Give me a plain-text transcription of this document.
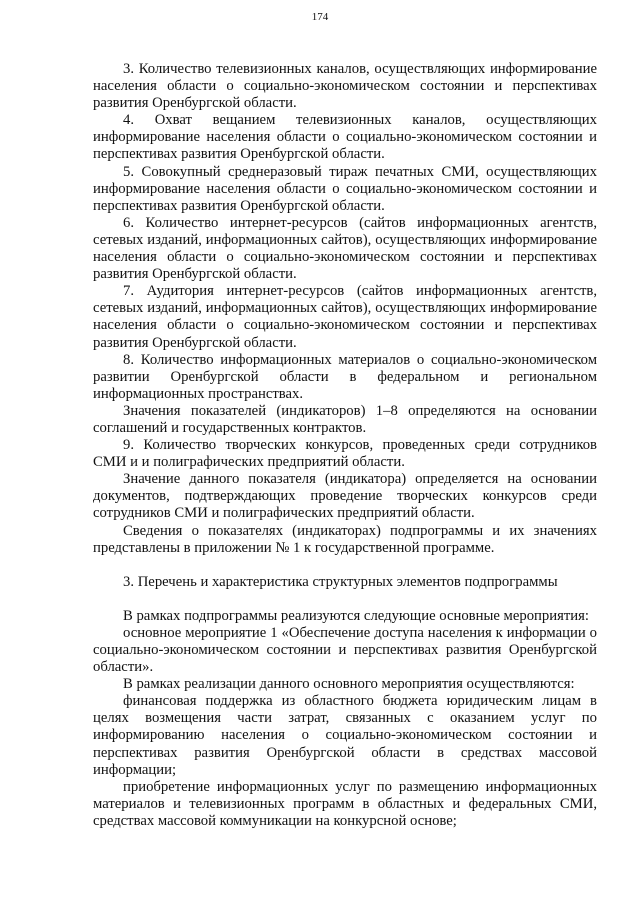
174

3. Количество телевизионных каналов, осуществляющих информирование населения области о социально-экономическом состоянии и перспективах развития Оренбургской области.

4. Охват вещанием телевизионных каналов, осуществляющих информирование населения области о социально-экономическом состоянии и перспективах развития Оренбургской области.

5. Совокупный среднеразовый тираж печатных СМИ, осуществляющих информирование населения области о социально-экономическом состоянии и перспективах развития Оренбургской области.

6. Количество интернет-ресурсов (сайтов информационных агентств, сетевых изданий, информационных сайтов), осуществляющих информирование населения области о социально-экономическом состоянии и перспективах развития Оренбургской области.

7. Аудитория интернет-ресурсов (сайтов информационных агентств, сетевых изданий, информационных сайтов), осуществляющих информирование населения области о социально-экономическом состоянии и перспективах развития Оренбургской области.

8. Количество информационных материалов о социально-экономическом развитии Оренбургской области в федеральном и региональном информационных пространствах.

Значения показателей (индикаторов) 1–8 определяются на основании соглашений и государственных контрактов.

9. Количество творческих конкурсов, проведенных среди сотрудников СМИ и и полиграфических предприятий области.

Значение данного показателя (индикатора) определяется на основании документов, подтверждающих проведение творческих конкурсов среди сотрудников СМИ и полиграфических предприятий области.

Сведения о показателях (индикаторах) подпрограммы и их значениях представлены в приложении № 1 к государственной программе.

3. Перечень и характеристика структурных элементов подпрограммы

В рамках подпрограммы реализуются следующие основные мероприятия:

основное мероприятие 1 «Обеспечение доступа населения к информации о социально-экономическом состоянии и перспективах развития Оренбургской области».

В рамках реализации данного основного мероприятия осуществляются:

финансовая поддержка из областного бюджета юридическим лицам в целях возмещения части затрат, связанных с оказанием услуг по информированию населения о социально-экономическом состоянии и перспективах развития Оренбургской области в средствах массовой информации;

приобретение информационных услуг по размещению информационных материалов и телевизионных программ в областных и федеральных СМИ, средствах массовой коммуникации на конкурсной основе;
